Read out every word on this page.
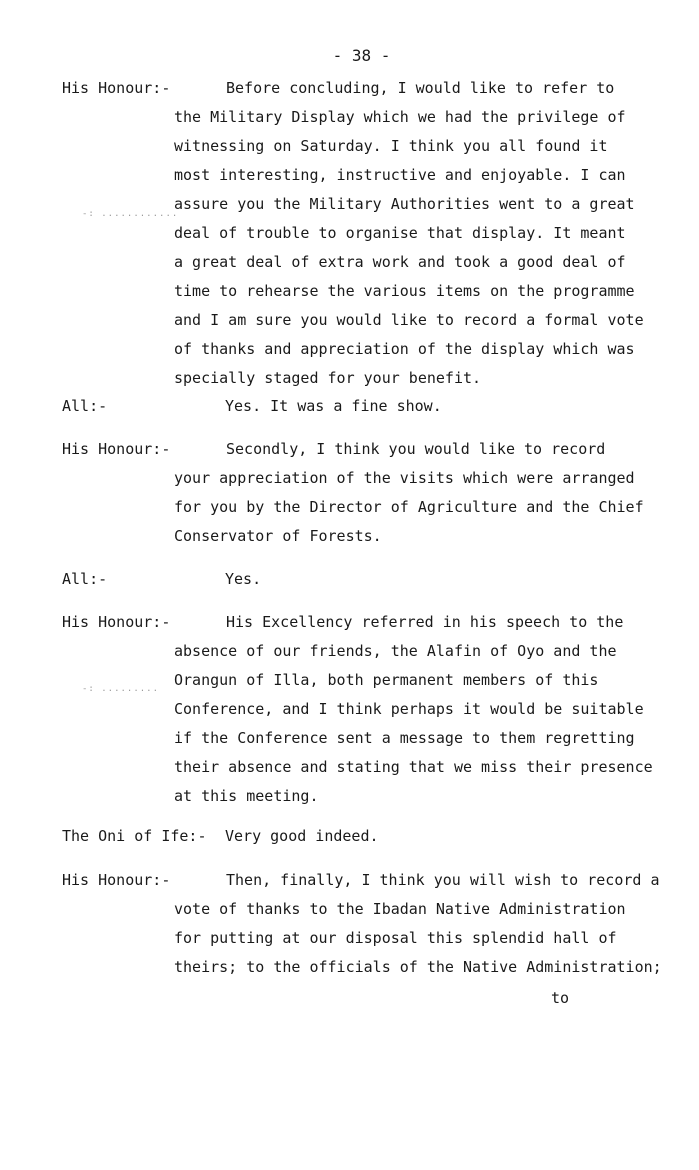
- 38 -
His Honour:-	Before concluding, I would like to refer to
the Military Display which we had the privilege of
witnessing on Saturday. I think you all found it
most interesting, instructive and enjoyable. I can
assure you the Military Authorities went to a great
deal of trouble to organise that display. It meant
a great deal of extra work and took a good deal of
time to rehearse the various items on the programme
and I am sure you would like to record a formal vote
of thanks and appreciation of the display which was
specially staged for your benefit.
-: ............
All:-	Yes. It was a fine show.
His Honour:-	Secondly, I think you would like to record
your appreciation of the visits which were arranged
for you by the Director of Agriculture and the Chief
Conservator of Forests.
All:-	Yes.
His Honour:-	His Excellency referred in his speech to the
absence of our friends, the Alafin of Oyo and the
Orangun of Illa, both permanent members of this
Conference, and I think perhaps it would be suitable
if the Conference sent a message to them regretting
their absence and stating that we miss their presence
at this meeting.
-: .........
The Oni of Ife:- Very good indeed.
His Honour:-	Then, finally, I think you will wish to record a
vote of thanks to the Ibadan Native Administration
for putting at our disposal this splendid hall of
theirs; to the officials of the Native Administration;
to
